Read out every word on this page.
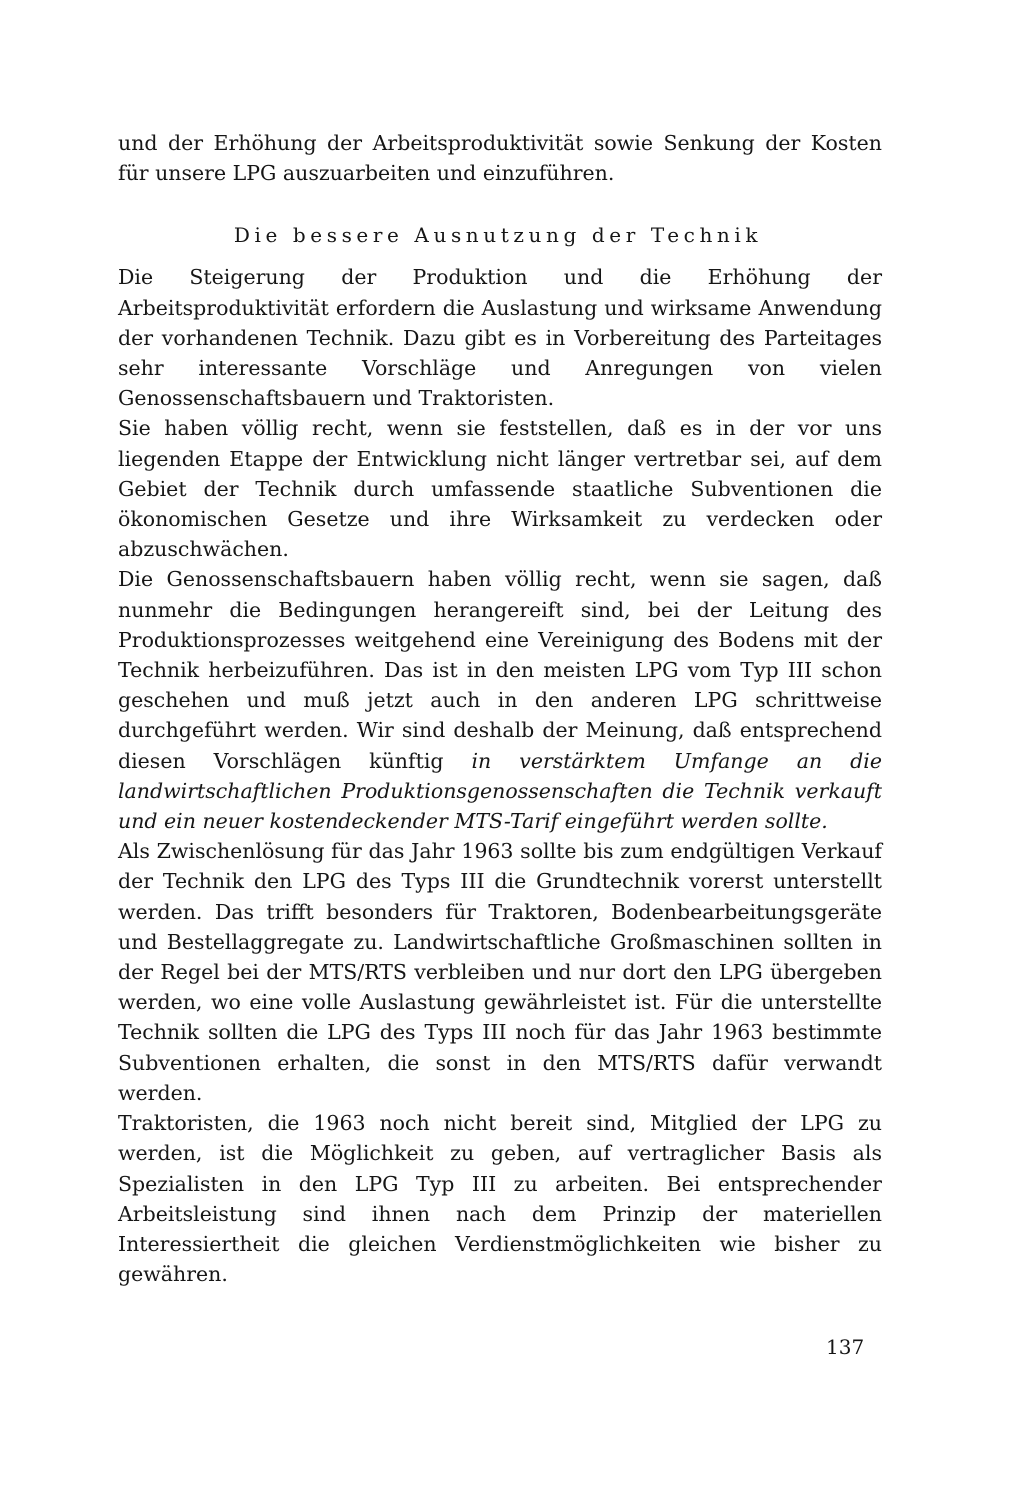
und der Erhöhung der Arbeitsproduktivität sowie Senkung der Kosten für unsere LPG auszuarbeiten und einzuführen.

Die bessere Ausnutzung der Technik

Die Steigerung der Produktion und die Erhöhung der Arbeitsproduktivität erfordern die Auslastung und wirksame Anwendung der vorhandenen Technik. Dazu gibt es in Vorbereitung des Parteitages sehr interessante Vorschläge und Anregungen von vielen Genossenschaftsbauern und Traktoristen.

Sie haben völlig recht, wenn sie feststellen, daß es in der vor uns liegenden Etappe der Entwicklung nicht länger vertretbar sei, auf dem Gebiet der Technik durch umfassende staatliche Subventionen die ökonomischen Gesetze und ihre Wirksamkeit zu verdecken oder abzuschwächen.

Die Genossenschaftsbauern haben völlig recht, wenn sie sagen, daß nunmehr die Bedingungen herangereift sind, bei der Leitung des Produktionsprozesses weitgehend eine Vereinigung des Bodens mit der Technik herbeizuführen. Das ist in den meisten LPG vom Typ III schon geschehen und muß jetzt auch in den anderen LPG schrittweise durchgeführt werden. Wir sind deshalb der Meinung, daß entsprechend diesen Vorschlägen künftig in verstärktem Umfange an die landwirtschaftlichen Produktionsgenossenschaften die Technik verkauft und ein neuer kostendeckender MTS-Tarif eingeführt werden sollte.

Als Zwischenlösung für das Jahr 1963 sollte bis zum endgültigen Verkauf der Technik den LPG des Typs III die Grundtechnik vorerst unterstellt werden. Das trifft besonders für Traktoren, Bodenbearbeitungsgeräte und Bestellaggregate zu. Landwirtschaftliche Großmaschinen sollten in der Regel bei der MTS/RTS verbleiben und nur dort den LPG übergeben werden, wo eine volle Auslastung gewährleistet ist. Für die unterstellte Technik sollten die LPG des Typs III noch für das Jahr 1963 bestimmte Subventionen erhalten, die sonst in den MTS/RTS dafür verwandt werden.

Traktoristen, die 1963 noch nicht bereit sind, Mitglied der LPG zu werden, ist die Möglichkeit zu geben, auf vertraglicher Basis als Spezialisten in den LPG Typ III zu arbeiten. Bei entsprechender Arbeitsleistung sind ihnen nach dem Prinzip der materiellen Interessiertheit die gleichen Verdienstmöglichkeiten wie bisher zu gewähren.

137
